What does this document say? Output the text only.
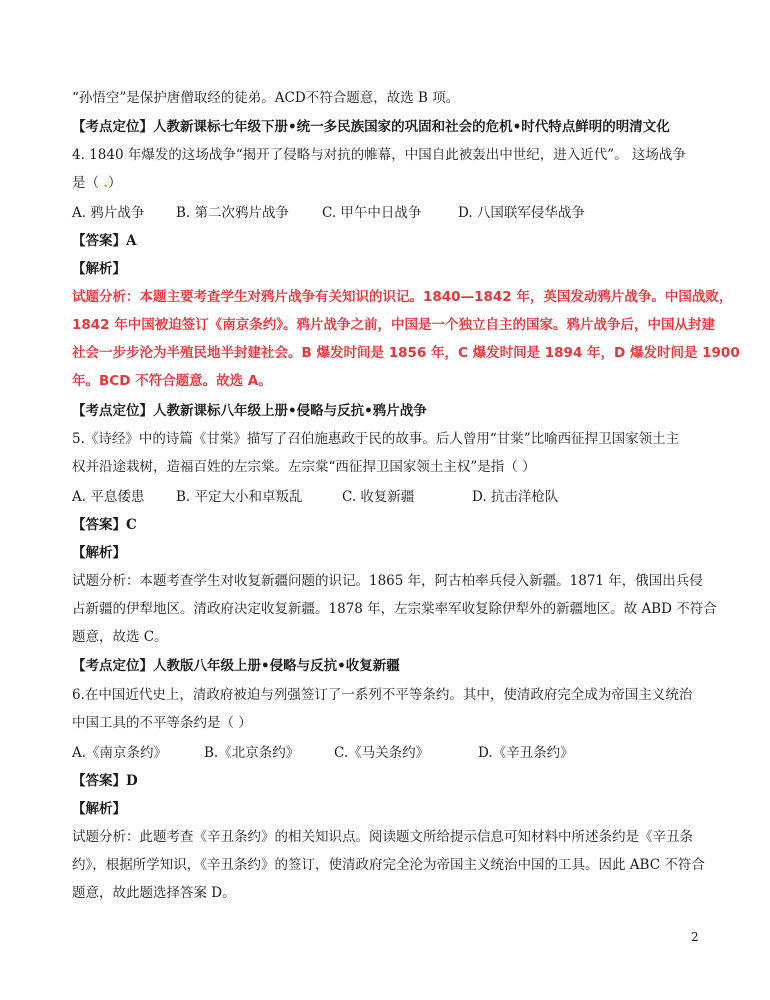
“孙悟空”是保护唐僧取经的徒弟。ACD不符合题意，故选 B 项。
【考点定位】人教新课标七年级下册•统一多民族国家的巩固和社会的危机•时代特点鲜明的明清文化
4. 1840 年爆发的这场战争“揭开了侵略与对抗的帷幕，中国自此被轰出中世纪，进入近代”。 这场战争
是（ .）
A. 鸦片战争 B. 第二次鸦片战争 C. 甲午中日战争	D. 八国联军侵华战争
【答案】A
【解析】
试题分析：本题主要考查学生对鸦片战争有关知识的识记。1840—1842 年，英国发动鸦片战争。中国战败，
1842 年中国被迫签订《南京条约》。鸦片战争之前，中国是一个独立自主的国家。鸦片战争后，中国从封建
社会一步步沦为半殖民地半封建社会。B 爆发时间是 1856 年，C 爆发时间是 1894 年，D 爆发时间是 1900
年。BCD 不符合题意。故选 A。
【考点定位】人教新课标八年级上册•侵略与反抗•鸦片战争
5.《诗经》中的诗篇《甘棠》描写了召伯施惠政于民的故事。后人曾用“甘棠”比喻西征捍卫国家领土主
权并沿途栽树，造福百姓的左宗棠。左宗棠“西征捍卫国家领土主权”是指（ ）
A. 平息倭患 B. 平定大小和卓叛乱	C. 收复新疆	D. 抗击洋枪队
【答案】C
【解析】
试题分析：本题考查学生对收复新疆问题的识记。1865 年，阿古柏率兵侵入新疆。1871 年，俄国出兵侵
占新疆的伊犁地区。清政府决定收复新疆。1878 年，左宗棠率军收复除伊犁外的新疆地区。故 ABD 不符合
题意，故选 C。
【考点定位】人教版八年级上册•侵略与反抗•收复新疆
6.在中国近代史上，清政府被迫与列强签订了一系列不平等条约。其中，使清政府完全成为帝国主义统治
中国工具的不平等条约是（ ）
A.《南京条约》	B.《北京条约》	C.《马关条约》	D.《辛丑条约》
【答案】D
【解析】
试题分析：此题考查《辛丑条约》的相关知识点。阅读题文所给提示信息可知材料中所述条约是《辛丑条
约》，根据所学知识，《辛丑条约》的签订，使清政府完全沦为帝国主义统治中国的工具。因此 ABC 不符合
题意，故此题选择答案 D。
2
